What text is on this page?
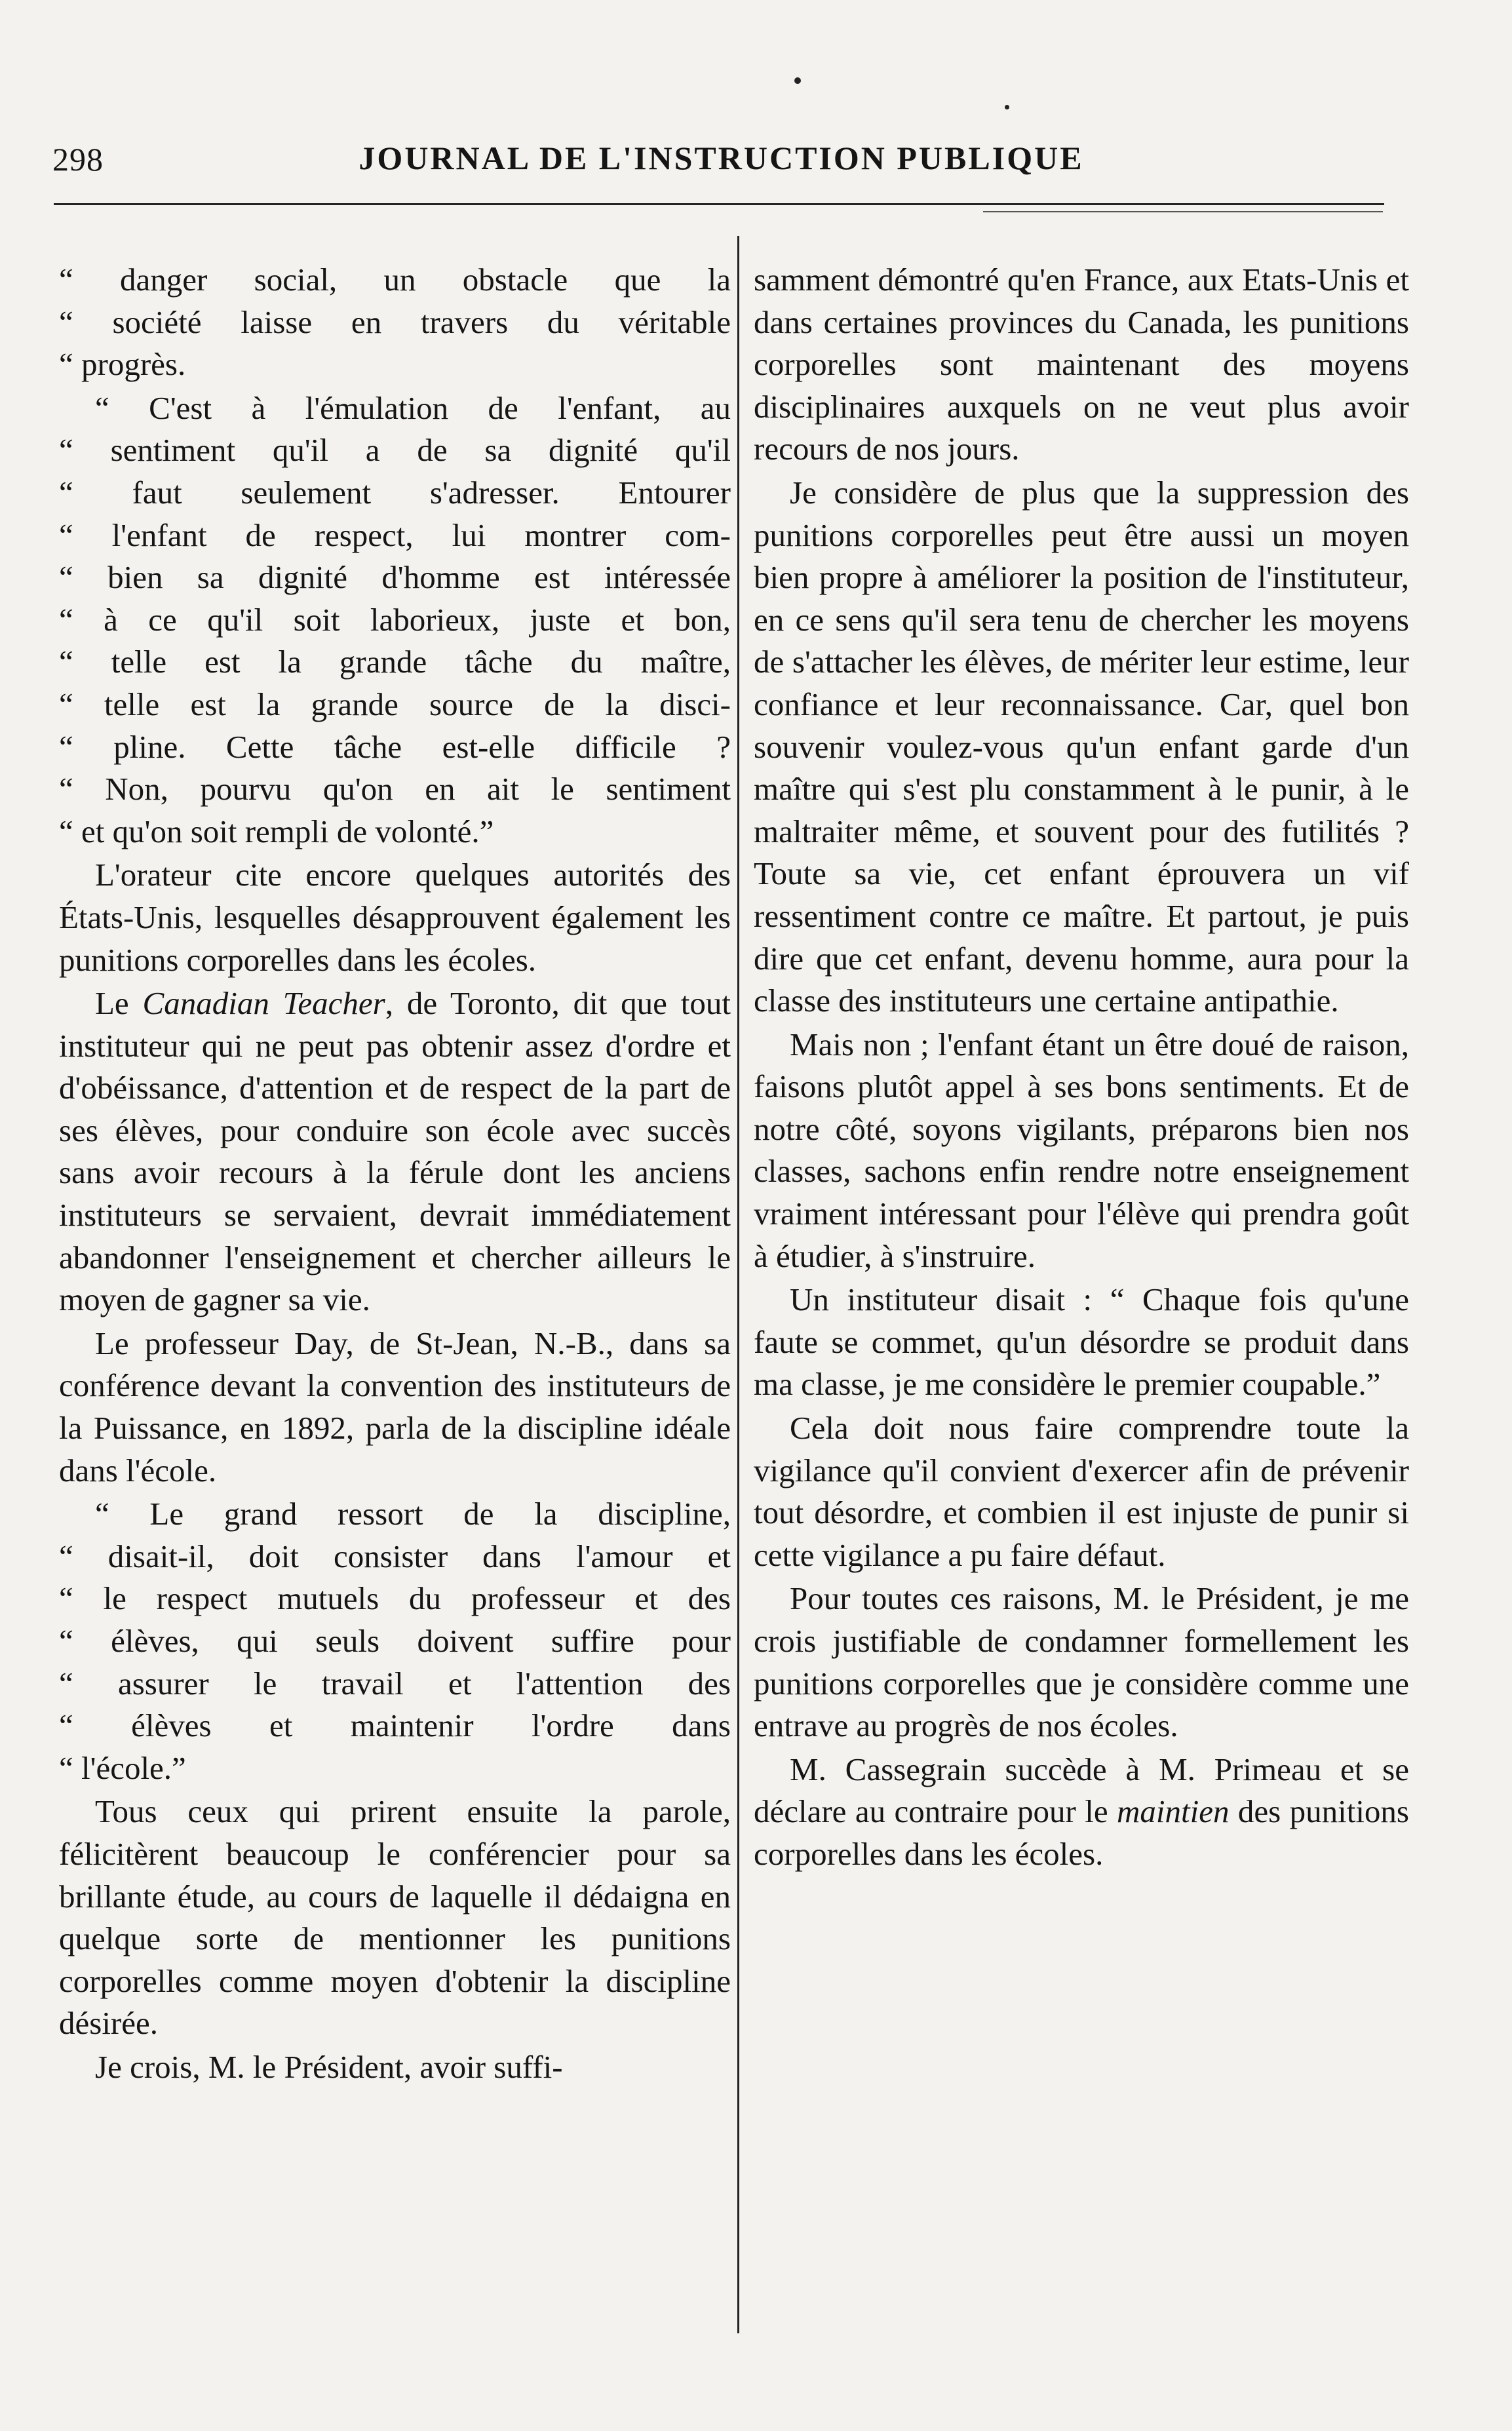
298	JOURNAL DE L'INSTRUCTION PUBLIQUE

“ danger social, un obstacle que la
“ société laisse en travers du véritable
“ progrès.

“ C'est à l'émulation de l'enfant, au
“ sentiment qu'il a de sa dignité qu'il
“ faut seulement s'adresser. Entourer
“ l'enfant de respect, lui montrer com-
“ bien sa dignité d'homme est intéressée
“ à ce qu'il soit laborieux, juste et bon,
“ telle est la grande tâche du maître,
“ telle est la grande source de la disci-
“ pline. Cette tâche est-elle difficile ?
“ Non, pourvu qu'on en ait le sentiment
“ et qu'on soit rempli de volonté.”

L'orateur cite encore quelques autorités des États-Unis, lesquelles désapprouvent également les punitions corporelles dans les écoles.

Le Canadian Teacher, de Toronto, dit que tout instituteur qui ne peut pas obtenir assez d'ordre et d'obéissance, d'attention et de respect de la part de ses élèves, pour conduire son école avec succès sans avoir recours à la férule dont les anciens instituteurs se servaient, devrait immédiatement abandonner l'enseignement et chercher ailleurs le moyen de gagner sa vie.

Le professeur Day, de St-Jean, N.-B., dans sa conférence devant la convention des instituteurs de la Puissance, en 1892, parla de la discipline idéale dans l'école.

“ Le grand ressort de la discipline,
“ disait-il, doit consister dans l'amour et
“ le respect mutuels du professeur et des
“ élèves, qui seuls doivent suffire pour
“ assurer le travail et l'attention des
“ élèves et maintenir l'ordre dans
“ l'école.”

Tous ceux qui prirent ensuite la parole, félicitèrent beaucoup le conférencier pour sa brillante étude, au cours de laquelle il dédaigna en quelque sorte de mentionner les punitions corporelles comme moyen d'obtenir la discipline désirée.

Je crois, M. le Président, avoir suffi-

samment démontré qu'en France, aux Etats-Unis et dans certaines provinces du Canada, les punitions corporelles sont maintenant des moyens disciplinaires auxquels on ne veut plus avoir recours de nos jours.

Je considère de plus que la suppression des punitions corporelles peut être aussi un moyen bien propre à améliorer la position de l'instituteur, en ce sens qu'il sera tenu de chercher les moyens de s'attacher les élèves, de mériter leur estime, leur confiance et leur reconnaissance. Car, quel bon souvenir voulez-vous qu'un enfant garde d'un maître qui s'est plu constamment à le punir, à le maltraiter même, et souvent pour des futilités ? Toute sa vie, cet enfant éprouvera un vif ressentiment contre ce maître. Et partout, je puis dire que cet enfant, devenu homme, aura pour la classe des instituteurs une certaine antipathie.

Mais non ; l'enfant étant un être doué de raison, faisons plutôt appel à ses bons sentiments. Et de notre côté, soyons vigilants, préparons bien nos classes, sachons enfin rendre notre enseignement vraiment intéressant pour l'élève qui prendra goût à étudier, à s'instruire.

Un instituteur disait : “ Chaque fois qu'une faute se commet, qu'un désordre se produit dans ma classe, je me considère le premier coupable.”

Cela doit nous faire comprendre toute la vigilance qu'il convient d'exercer afin de prévenir tout désordre, et combien il est injuste de punir si cette vigilance a pu faire défaut.

Pour toutes ces raisons, M. le Président, je me crois justifiable de condamner formellement les punitions corporelles que je considère comme une entrave au progrès de nos écoles.

M. Cassegrain succède à M. Primeau et se déclare au contraire pour le maintien des punitions corporelles dans les écoles.
